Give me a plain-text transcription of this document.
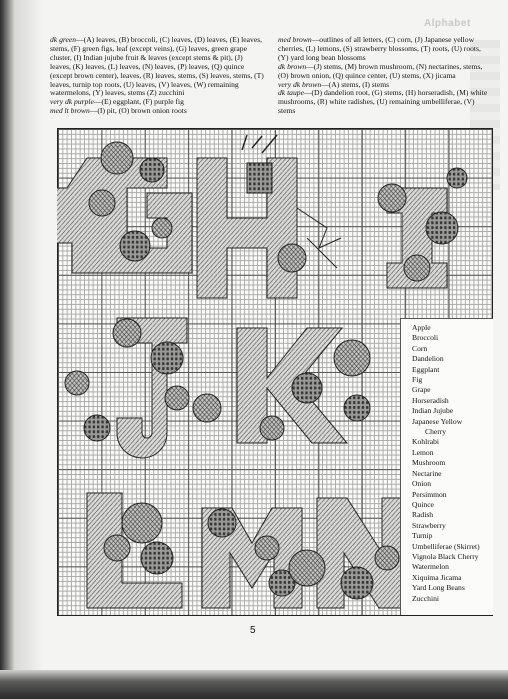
Alphabet

dk green—(A) leaves, (B) broccoli, (C) leaves, (D) leaves, (E) leaves, stems, (F) green figs, leaf (except veins), (G) leaves, green grape cluster, (I) Indian jujube fruit & leaves (except stems & pit), (J) leaves, (K) leaves, (L) leaves, (N) leaves, (P) leaves, (Q) quince (except brown center), leaves, (R) leaves, stems, (S) leaves, stems, (T) leaves, turnip top roots, (U) leaves, (V) leaves, (W) remaining watermelons, (Y) leaves, stems (Z) zucchini

very dk purple—(E) eggplant, (F) purple fig

med lt brown—(I) pit, (O) brown onion roots

med brown—outlines of all letters, (C) corn, (J) Japanese yellow cherries, (L) lemons, (S) strawberry blossoms, (T) roots, (U) roots, (Y) yard long bean blossoms

dk brown—(J) stems, (M) brown mushroom, (N) nectarines, stems, (O) brown onion, (Q) quince center, (U) stems, (X) jicama

very dk brown—(A) stems, (I) stems

dk taupe—(D) dandelion root, (G) stems, (H) horseradish, (M) white mushrooms, (R) white radishes, (U) remaining umbelliferae, (V) stems

Apple
Broccoli
Corn
Dandelion
Eggplant
Fig
Grape
Horseradish
Indian Jujube
Japanese Yellow
Cherry
Kohlrabi
Lemon
Mushroom
Nectarine
Onion
Persimmon
Quince
Radish
Strawberry
Turnip
Umbelliferae (Skirret)
Vignola Black Cherry
Watermelon
Xiquima Jicama
Yard Long Beans
Zucchini
5
